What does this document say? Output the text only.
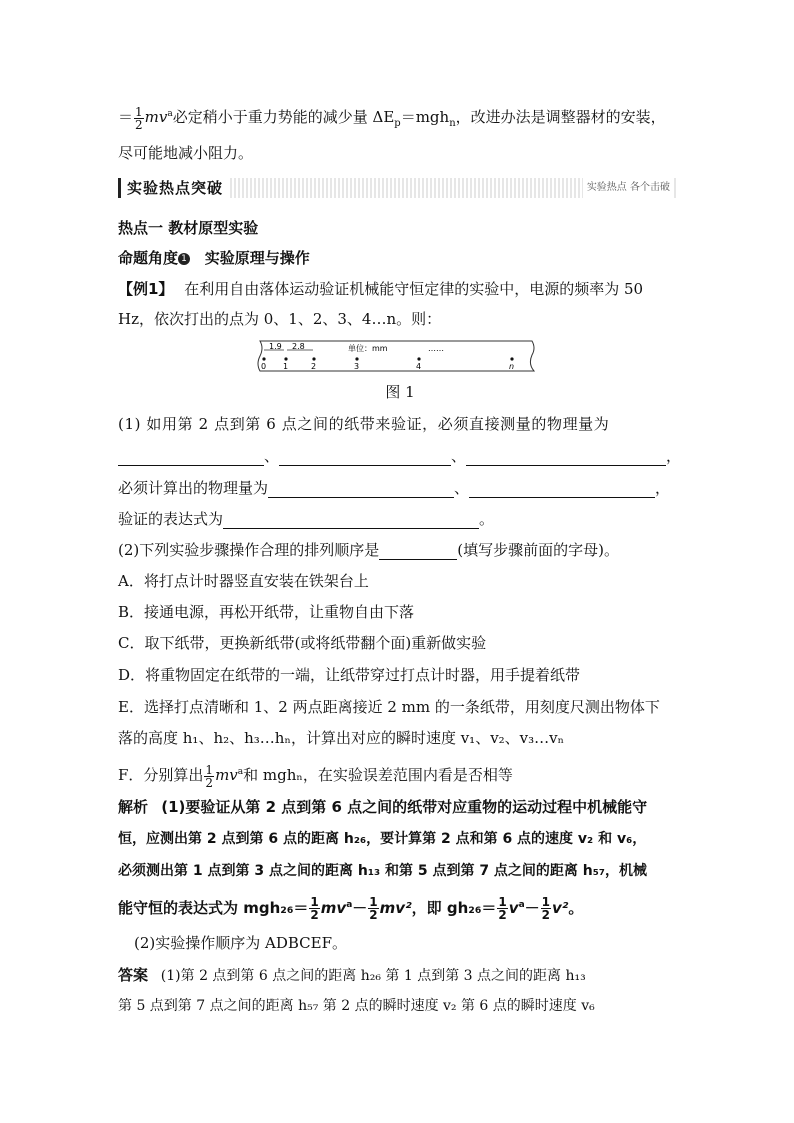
＝ $\frac{1}{2} mv^a$必定稍小于重力势能的减少量 $\Delta E_p=mgh_n$，改进办法是调整器材的安装，
尽可能地减小阻力。
实验热点突破	实验热点 各个击破
热点一 教材原型实验
命题角度 1 实验原理与操作
【例1】 在利用自由落体运动验证机械能守恒定律的实验中，电源的频率为 50
Hz，依次打出的点为 0、1、2、3、4…n。则：
1.9 2.8	单位：mm	……
0 1	2	3	4	n
图 1
(1) 如用第 2 点到第 6 点之间的纸带来验证，必须直接测量的物理量为
、	、	，
必须计算出的物理量为	、	，
验证的表达式为	。
(2)下列实验步骤操作合理的排列顺序是	(填写步骤前面的字母)。
A．将打点计时器竖直安装在铁架台上
B．接通电源，再松开纸带，让重物自由下落
C．取下纸带，更换新纸带(或将纸带翻个面)重新做实验
D．将重物固定在纸带的一端，让纸带穿过打点计时器，用手提着纸带
E．选择打点清晰和 1、2 两点距离接近 2 mm 的一条纸带，用刻度尺测出物体下
落的高度 h₁、h₂、h₃…hₙ，计算出对应的瞬时速度 v₁、v₂、v₃…vₙ
F．分别算出 $\frac{1}{2} mv^a$和 mghₙ，在实验误差范围内看是否相等
解析 (1)要验证从第 2 点到第 6 点之间的纸带对应重物的运动过程中机械能守
恒，应测出第 2 点到第 6 点的距离 h₂₆，要计算第 2 点和第 6 点的速度 v₂ 和 v₆，
必须测出第 1 点到第 3 点之间的距离 h₁₃ 和第 5 点到第 7 点之间的距离 h₅₇，机械
能守恒的表达式为 $mgh_{26}= \frac{1}{2} mv^a- \frac{1}{2} mv^2$，即 $gh_{26}= \frac{1}{2} v^a- \frac{1}{2} v^2$。
(2)实验操作顺序为 ADBCEF。
答案 (1)第 2 点到第 6 点之间的距离 h₂₆ 第 1 点到第 3 点之间的距离 h₁₃
第 5 点到第 7 点之间的距离 h₅₇ 第 2 点的瞬时速度 v₂ 第 6 点的瞬时速度 v₆
